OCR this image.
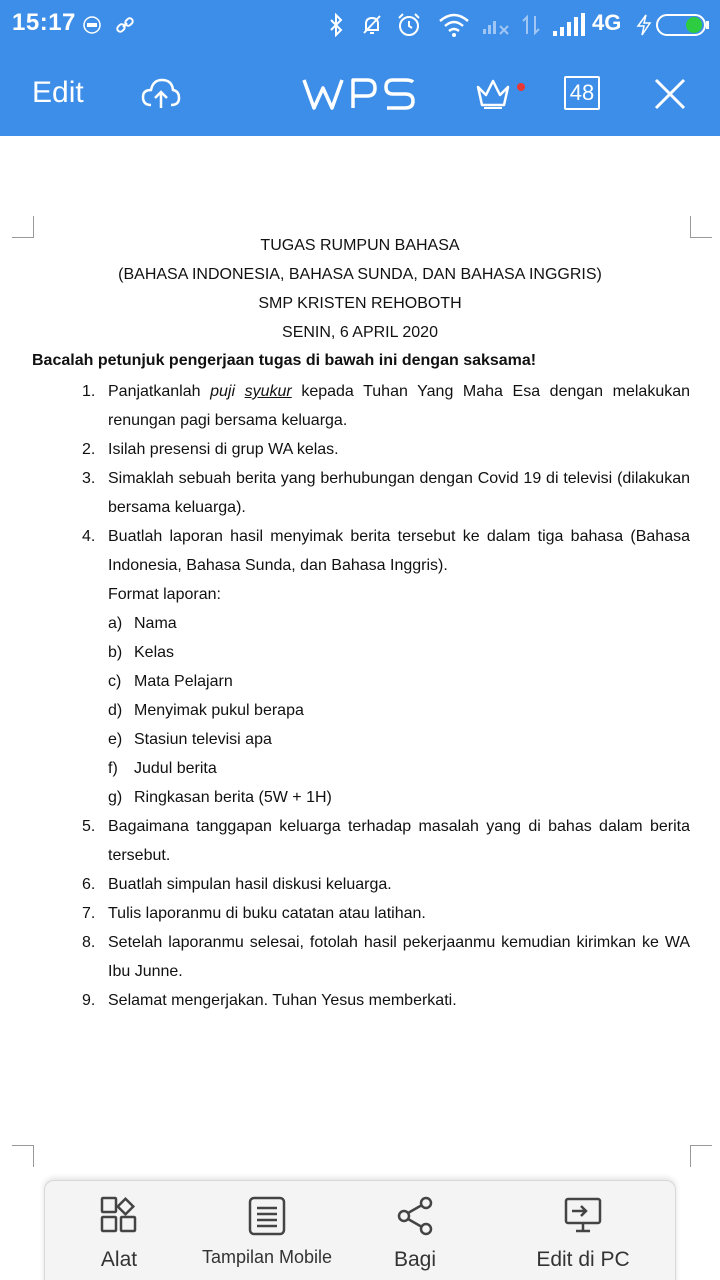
15:17	4G
Edit	48
TUGAS RUMPUN BAHASA
(BAHASA INDONESIA, BAHASA SUNDA, DAN BAHASA INGGRIS)
SMP KRISTEN REHOBOTH
SENIN, 6 APRIL 2020
Bacalah petunjuk pengerjaan tugas di bawah ini dengan saksama!
1. Panjatkanlah puji syukur kepada Tuhan Yang Maha Esa dengan melakukan renungan pagi bersama keluarga.
2. Isilah presensi di grup WA kelas.
3. Simaklah sebuah berita yang berhubungan dengan Covid 19 di televisi (dilakukan bersama keluarga).
4. Buatlah laporan hasil menyimak berita tersebut ke dalam tiga bahasa (Bahasa Indonesia, Bahasa Sunda, dan Bahasa Inggris).
Format laporan:
a) Nama
b) Kelas
c) Mata Pelajarn
d) Menyimak pukul berapa
e) Stasiun televisi apa
f) Judul berita
g) Ringkasan berita (5W + 1H)
5. Bagaimana tanggapan keluarga terhadap masalah yang di bahas dalam berita tersebut.
6. Buatlah simpulan hasil diskusi keluarga.
7. Tulis laporanmu di buku catatan atau latihan.
8. Setelah laporanmu selesai, fotolah hasil pekerjaanmu kemudian kirimkan ke WA Ibu Junne.
9. Selamat mengerjakan. Tuhan Yesus memberkati.
Alat	Tampilan Mobile	Bagi	Edit di PC
